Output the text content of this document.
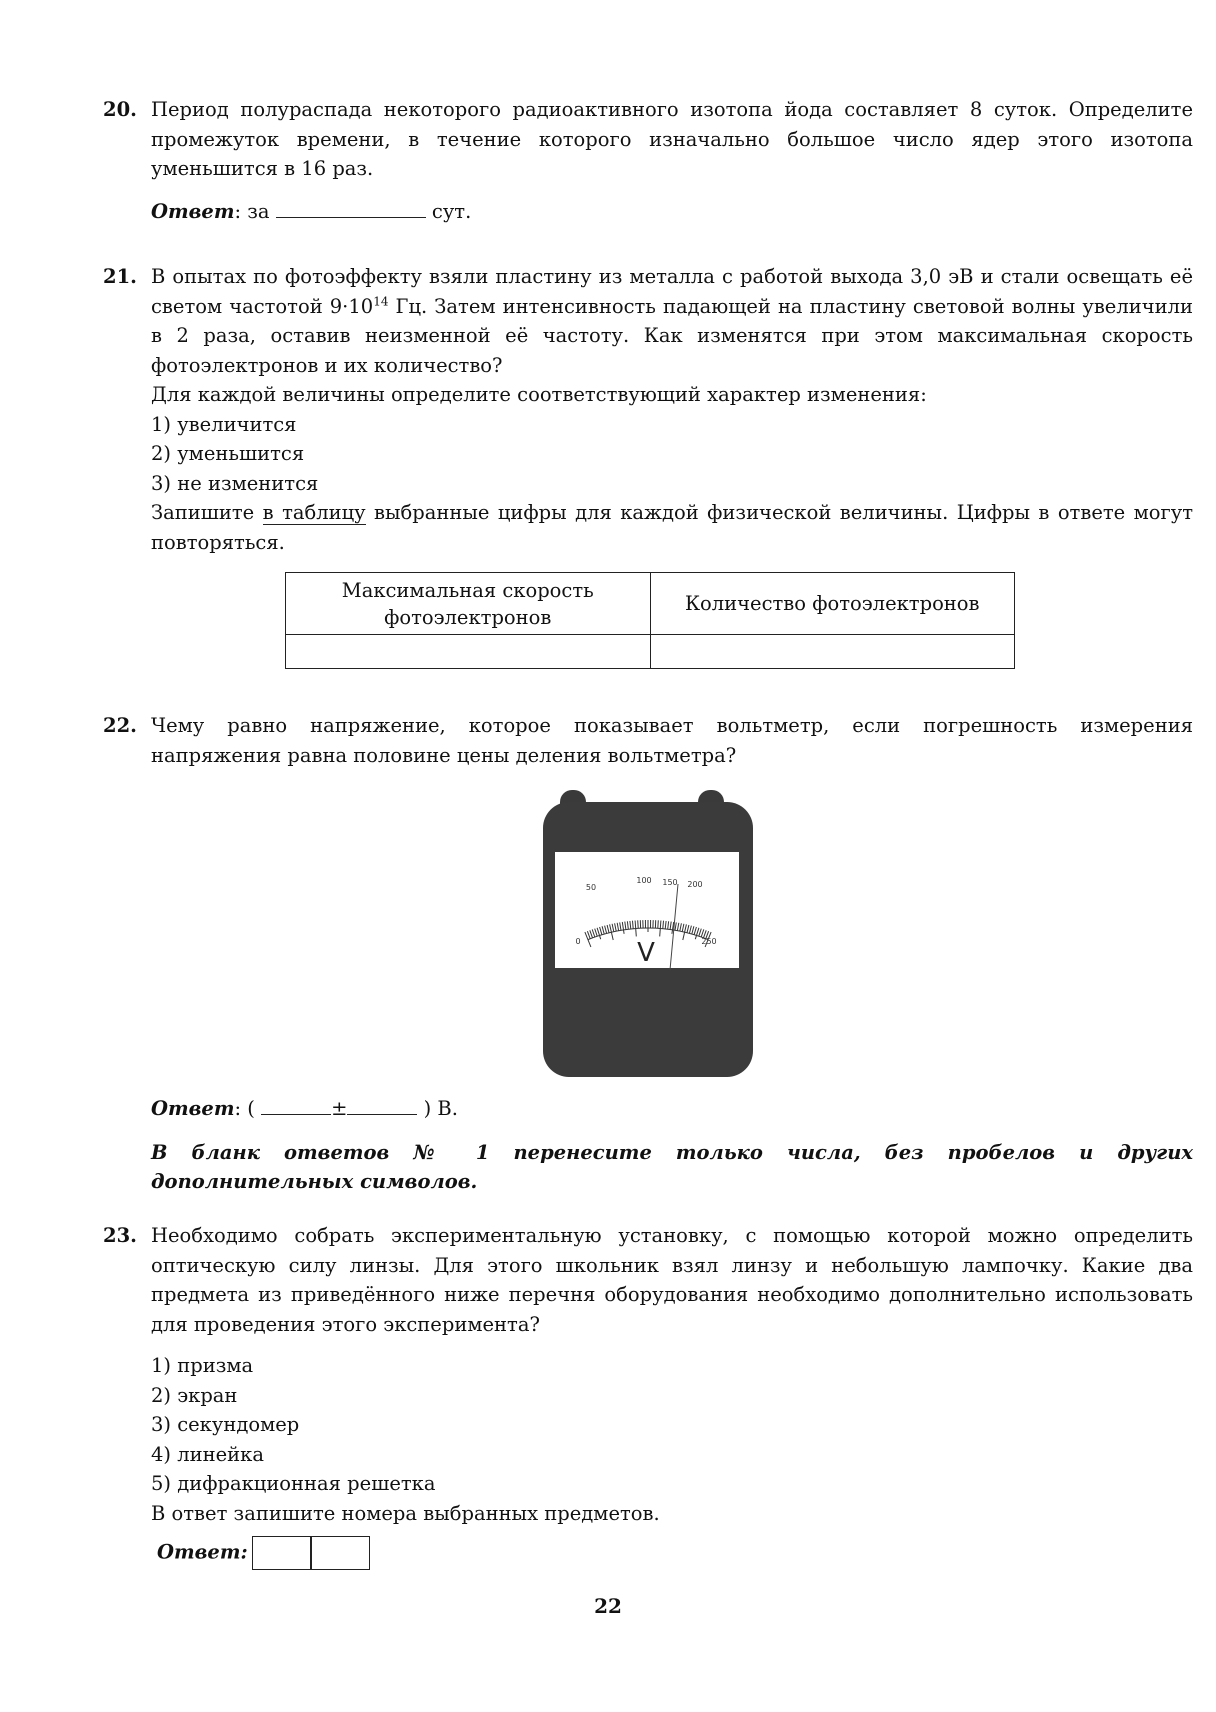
20. Период полураспада некоторого радиоактивного изотопа йода составляет 8 суток. Определите промежуток времени, в течение которого изначально большое число ядер этого изотопа уменьшится в 16 раз.

Ответ: за	сут.
21. В опытах по фотоэффекту взяли пластину из металла с работой выхода 3,0 эВ и стали освещать её светом частотой $9\cdot 10^{14}$ Гц. Затем интенсивность падающей на пластину световой волны увеличили в 2 раза, оставив неизменной её частоту. Как изменятся при этом максимальная скорость фотоэлектронов и их количество?

Для каждой величины определите соответствующий характер изменения:

1) увеличится
2) уменьшится
3) не изменится

Запишите в таблицу выбранные цифры для каждой физической величины. Цифры в ответе могут повторяться.

Максимальная скорость фотоэлектронов	Количество фотоэлектронов

22. Чему равно напряжение, которое показывает вольтметр, если погрешность измерения напряжения равна половине цены деления вольтметра?

50
100 150 200
0	250
V
Ответ: (	±	) В.

В бланк ответов № 1 перенесите только числа, без пробелов и других дополнительных символов.

23. Необходимо собрать экспериментальную установку, с помощью которой можно определить оптическую силу линзы. Для этого школьник взял линзу и небольшую лампочку. Какие два предмета из приведённого ниже перечня оборудования необходимо дополнительно использовать для проведения этого эксперимента?

1) призма
2) экран
3) секундомер
4) линейка
5) дифракционная решетка

В ответ запишите номера выбранных предметов.

Ответ:
22
